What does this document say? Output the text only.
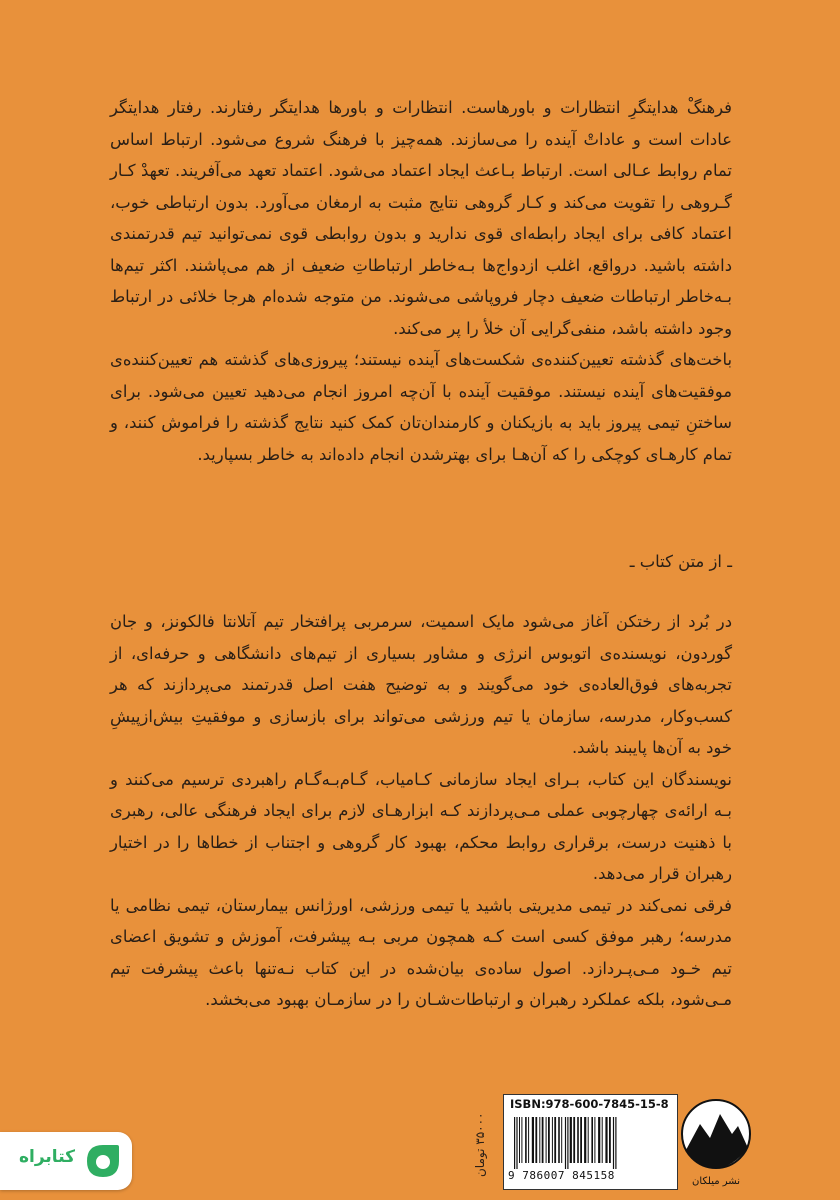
فرهنگْ هدایتگرِ انتظارات و باورهاست. انتظارات و باورها هدایتگر رفتارند. رفتار هدایتگر عادات است و عاداتْ آینده را می‌سازند. همه‌چیز با فرهنگ شروع می‌شود. ارتباط اساس تمام روابط عـالی است. ارتباط بـاعث ایجاد اعتماد می‌شود. اعتماد تعهد می‌آفریند. تعهدْ کـار گـروهی را تقویت می‌کند و کـار گروهی نتایج مثبت به ارمغان می‌آورد. بدون ارتباطی خوب، اعتماد کافی برای ایجاد رابطه‌ای قوی ندارید و بدون روابطی قوی نمی‌توانید تیم قدرتمندی داشته باشید. درواقع، اغلب ازدواج‌ها بـه‌خاطر ارتباطاتِ ضعیف از هم می‌پاشند. اکثر تیم‌ها بـه‌خاطر ارتباطات ضعیف دچار فروپاشی می‌شوند. من متوجه شده‌ام هرجا خلائی در ارتباط وجود داشته باشد، منفی‌گرایی آن خلأ را پر می‌کند.

باخت‌های گذشته تعیین‌کننده‌ی شکست‌های آینده نیستند؛ پیروزی‌های گذشته هم تعیین‌کننده‌ی موفقیت‌های آینده نیستند. موفقیت آینده با آن‌چه امروز انجام می‌دهید تعیین می‌شود. برای ساختنِ تیمی پیروز باید به بازیکنان و کارمندان‌تان کمک کنید نتایج گذشته را فراموش کنند، و تمام کارهـای کوچکی را که آن‌هـا برای بهترشدن انجام داده‌اند به خاطر بسپارید.

ـ از متن کتاب ـ

در بُرد از رختکن آغاز می‌شود مایک اسمیت، سرمربی پرافتخار تیم آتلانتا فالکونز، و جان گوردون، نویسنده‌ی اتوبوس انرژی و مشاور بسیاری از تیم‌های دانشگاهی و حرفه‌ای، از تجربه‌های فوق‌العاده‌ی خود می‌گویند و به توضیح هفت اصل قدرتمند می‌پردازند که هر کسب‌وکار، مدرسه، سازمان یا تیم ورزشی می‌تواند برای بازسازی و موفقیتِ بیش‌ازپیشِ خود به آن‌ها پایبند باشد.

نویسندگان این کتاب، بـرای ایجاد سازمانی کـامیاب، گـام‌بـه‌گـام راهبردی ترسیم می‌کنند و بـه ارائه‌ی چهارچوبی عملی مـی‌پردازند کـه ابزارهـای لازم برای ایجاد فرهنگی عالی، رهبری با ذهنیت درست، برقراری روابط محکم، بهبود کار گروهی و اجتناب از خطاها را در اختیار رهبران قرار می‌دهد.

فرقی نمی‌کند در تیمی مدیریتی باشید یا تیمی ورزشی، اورژانس بیمارستان، تیمی نظامی یا مدرسه؛ رهبر موفق کسی است کـه همچون مربی بـه پیشرفت، آموزش و تشویق اعضای تیم خـود مـی‌پـردازد. اصول ساده‌ی بیان‌شده در این کتاب نـه‌تنها باعث پیشرفت تیم مـی‌شود، بلکه عملکرد رهبران و ارتباطات‌شـان را در سازمـان بهبود می‌بخشد.

۳۵۰۰۰ تومان
ISBN:978-600-7845-15-8
9 786007 845158	نشر میلکان
کتابراه
